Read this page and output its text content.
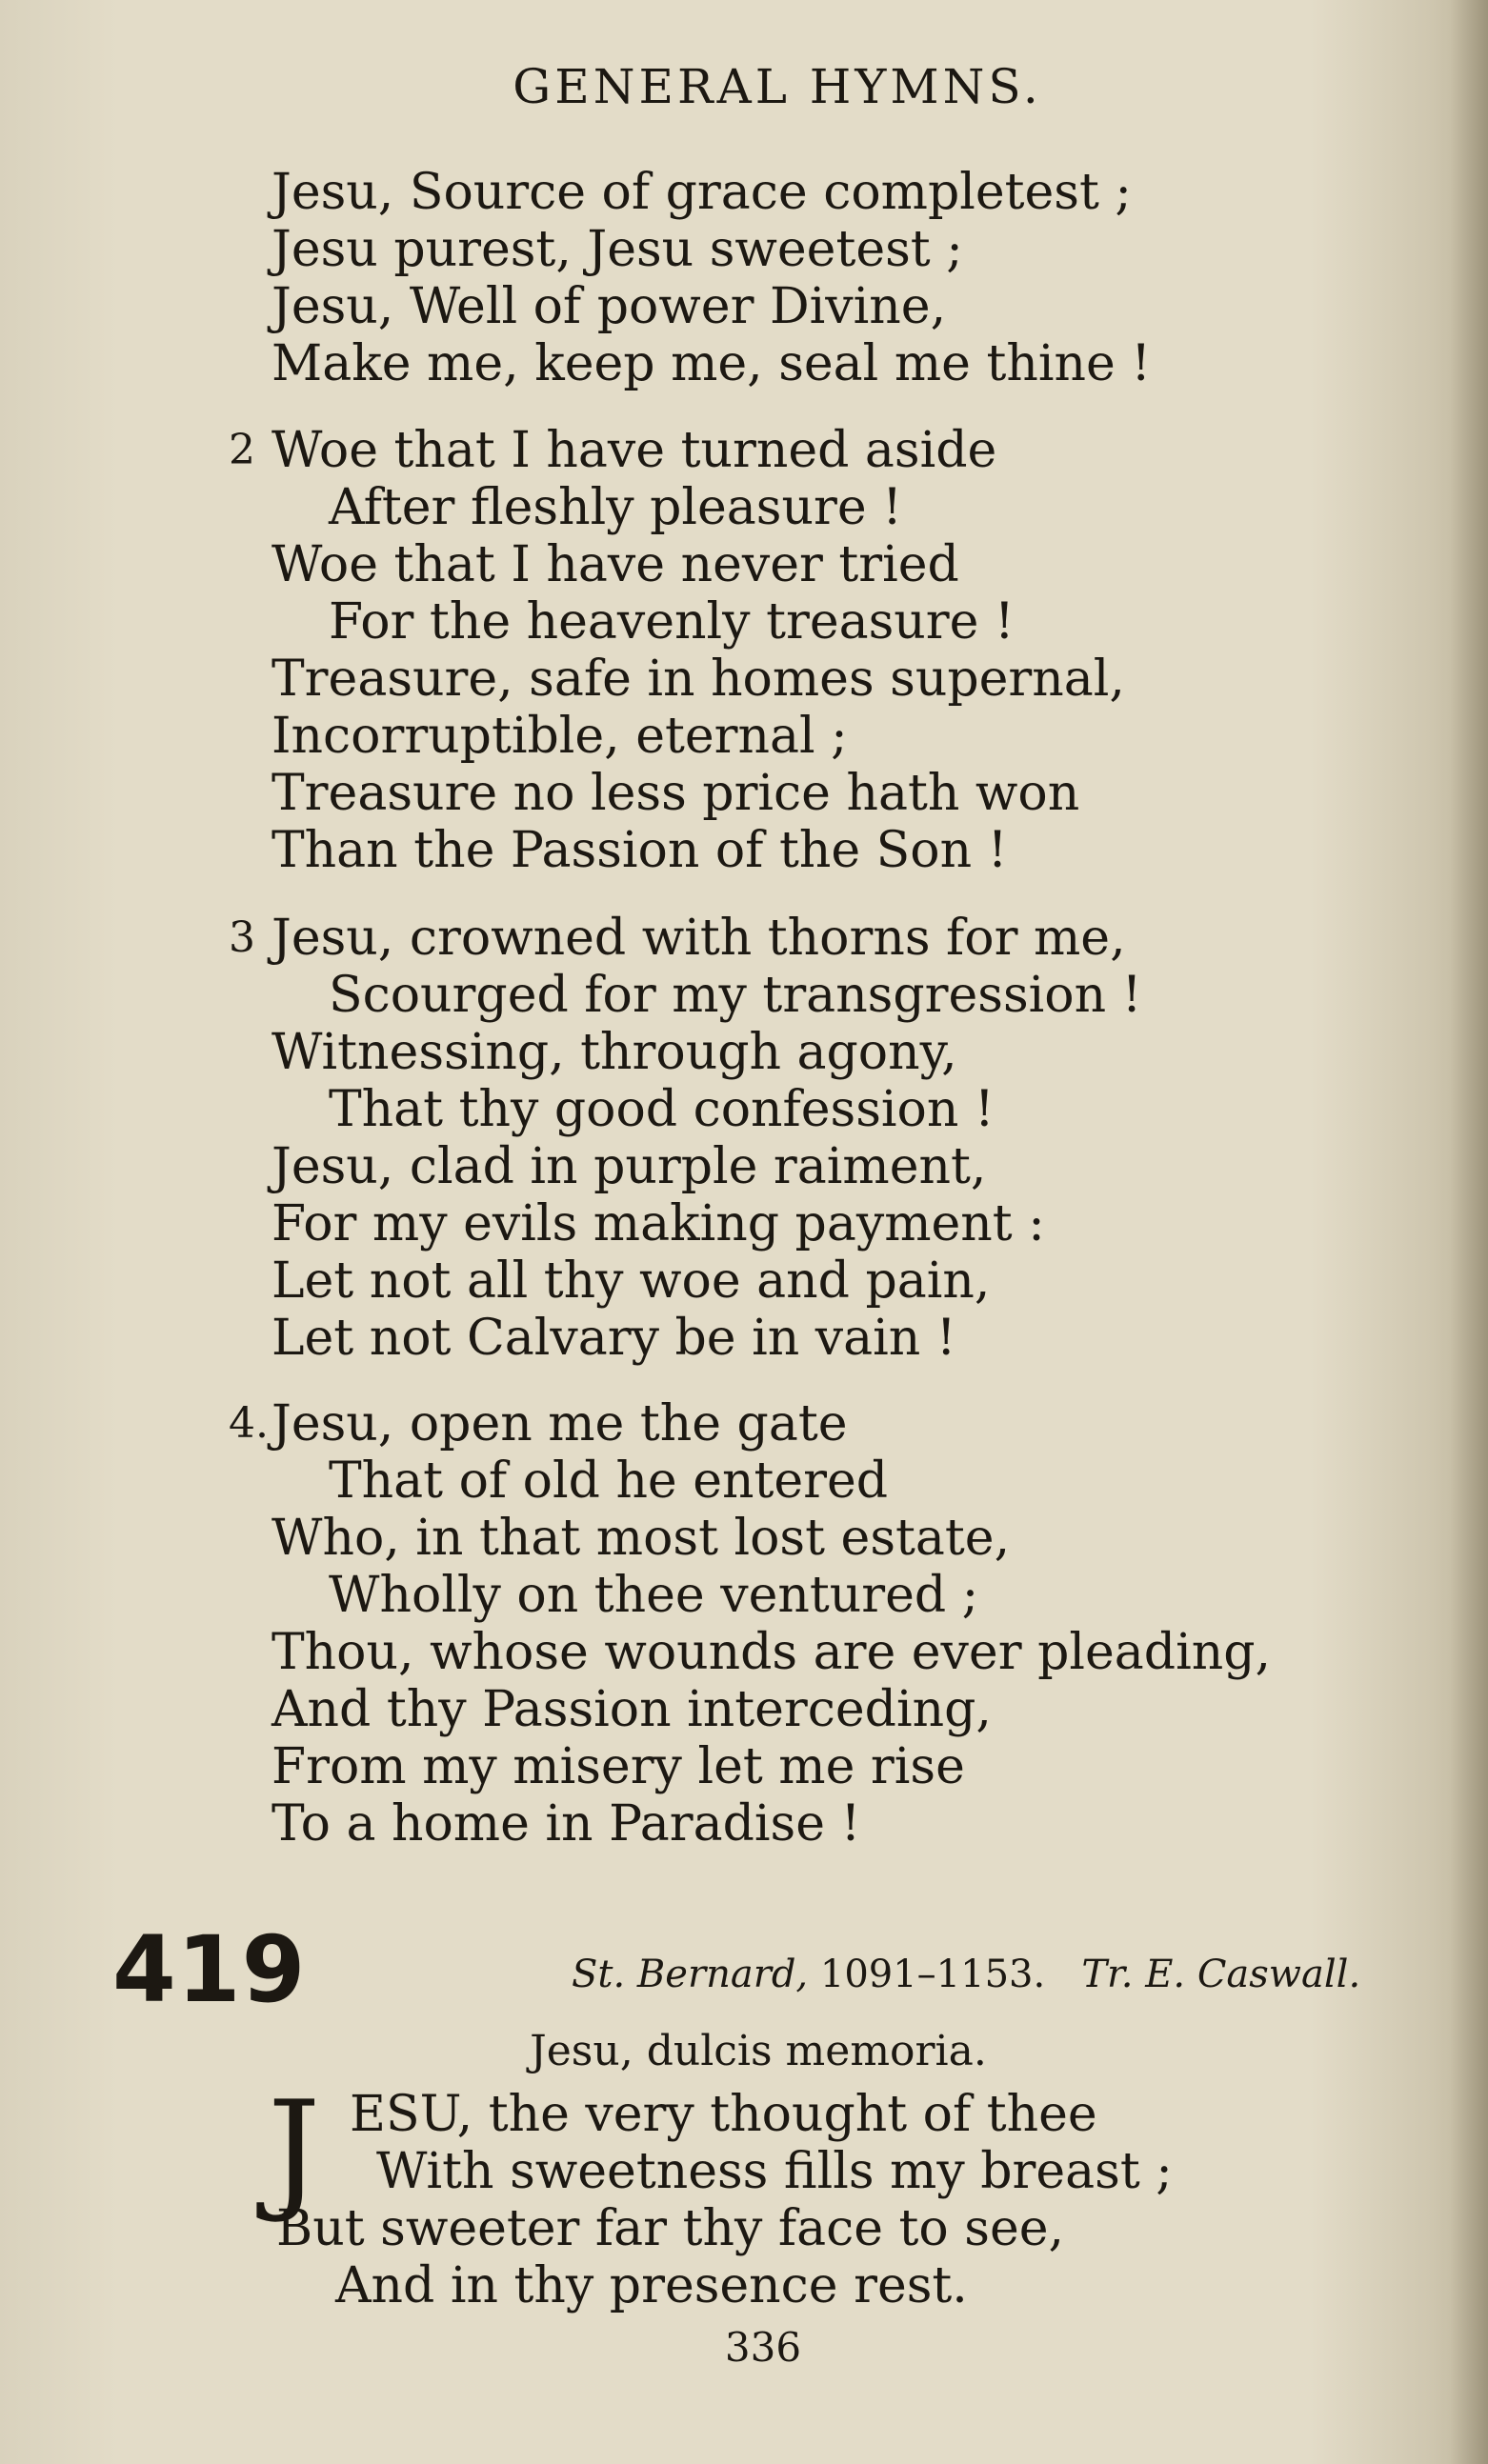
GENERAL HYMNS.
Jesu, Source of grace completest ;
Jesu purest, Jesu sweetest ;
Jesu, Well of power Divine,
Make me, keep me, seal me thine !
2 Woe that I have turned aside
After fleshly pleasure !
Woe that I have never tried
For the heavenly treasure !
Treasure, safe in homes supernal,
Incorruptible, eternal ;
Treasure no less price hath won
Than the Passion of the Son !
3 Jesu, crowned with thorns for me,
Scourged for my transgression !
Witnessing, through agony,
That thy good confession !
Jesu, clad in purple raiment,
For my evils making payment :
Let not all thy woe and pain,
Let not Calvary be in vain !
4. Jesu, open me the gate
That of old he entered
Who, in that most lost estate,
Wholly on thee ventured ;
Thou, whose wounds are ever pleading,
And thy Passion interceding,
From my misery let me rise
To a home in Paradise !
419	St. Bernard, 1091–1153. Tr. E. Caswall.
Jesu, dulcis memoria.
J ESU, the very thought of thee
With sweetness fills my breast ;
But sweeter far thy face to see,
And in thy presence rest.
336
